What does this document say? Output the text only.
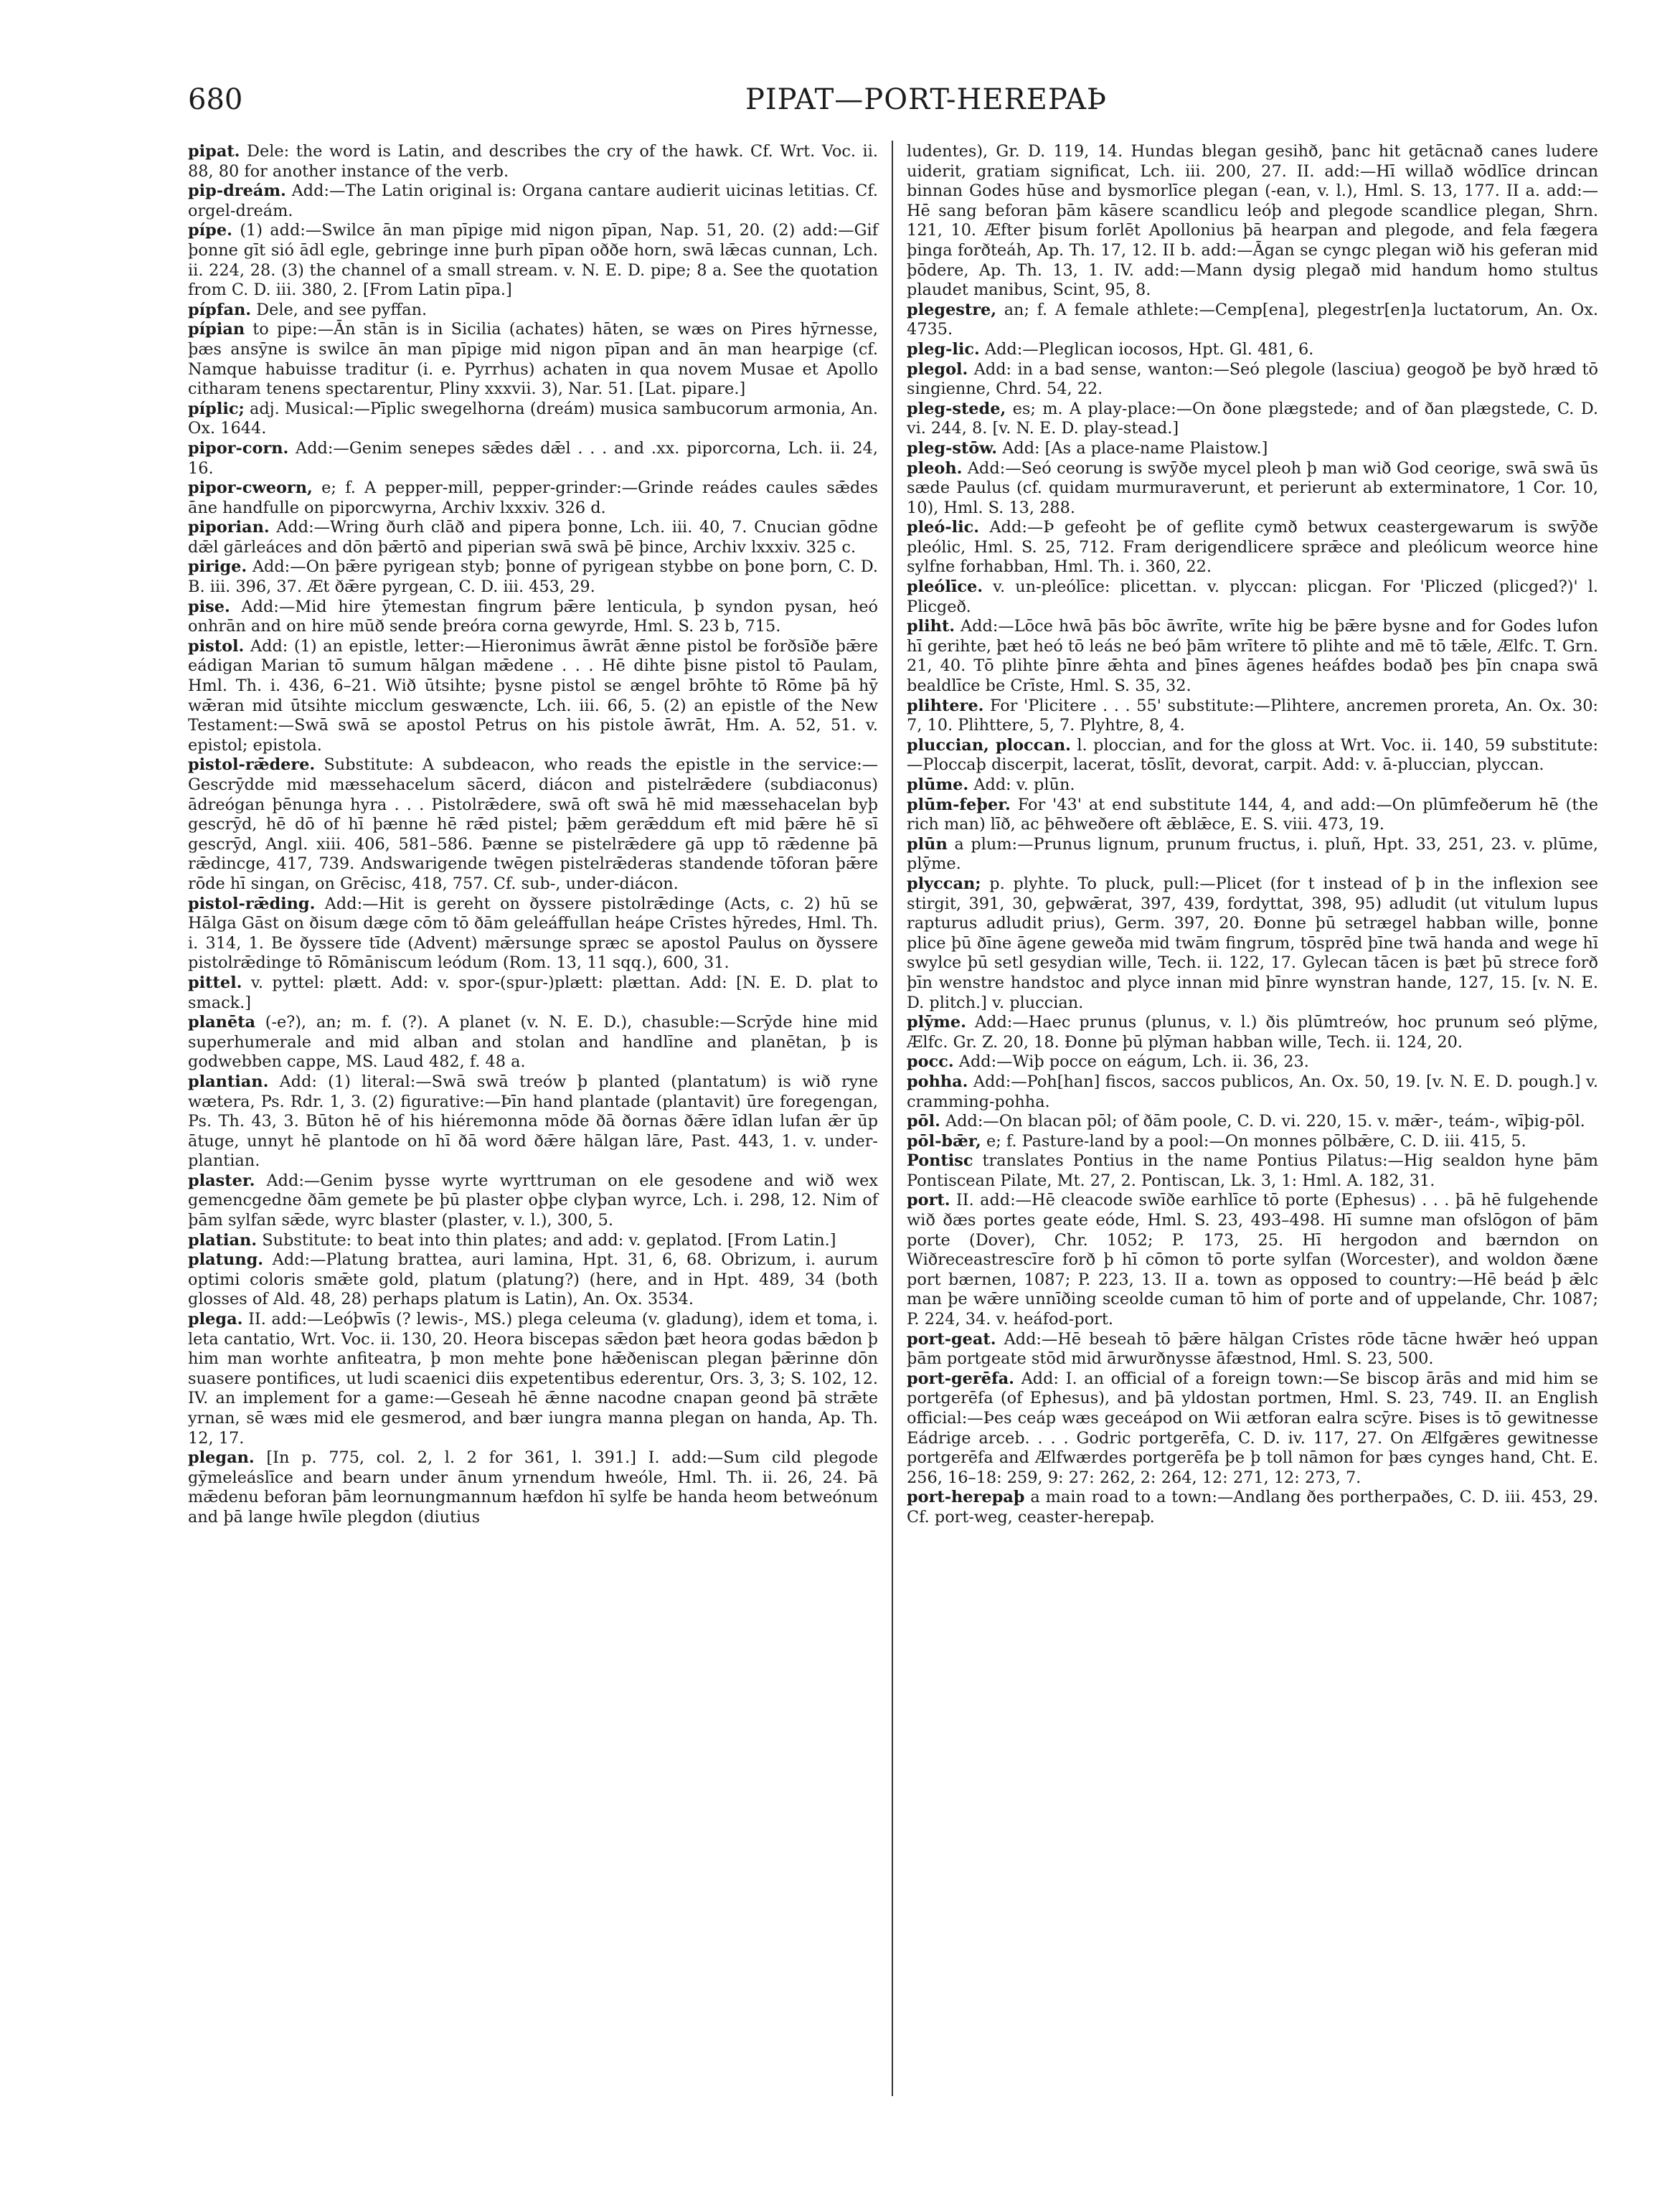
680	PIPAT—PORT-HEREPAÞ
pipat. Dele: the word is Latin, and describes the cry of the hawk. Cf. Wrt. Voc. ii. 88, 80 for another instance of the verb.
pip-dreám. Add:—The Latin original is: Organa cantare audierit uicinas letitias. Cf. orgel-dreám.
pípe. (1) add:—Swilce ān man pīpige mid nigon pīpan, Nap. 51, 20. (2) add:—Gif þonne gīt sió ādl egle, gebringe inne þurh pīpan oððe horn, swā lǣcas cunnan, Lch. ii. 224, 28. (3) the channel of a small stream. v. N. E. D. pipe; 8 a. See the quotation from C. D. iii. 380, 2. [From Latin pīpa.]
pípfan. Dele, and see pyffan.
pípian to pipe:—Ān stān is in Sicilia (achates) hāten, se wæs on Pires hȳrnesse, þæs ansȳne is swilce ān man pīpige mid nigon pīpan and ān man hearpige (cf. Namque habuisse traditur (i. e. Pyrrhus) achaten in qua novem Musae et Apollo citharam tenens spectarentur, Pliny xxxvii. 3), Nar. 51. [Lat. pipare.]
píplic; adj. Musical:—Pīplic swegelhorna (dreám) musica sambucorum armonia, An. Ox. 1644.
pipor-corn. Add:—Genim senepes sǣdes dǣl . . . and .xx. piporcorna, Lch. ii. 24, 16.
pipor-cweorn, e; f. A pepper-mill, pepper-grinder:—Grinde reádes caules sǣdes āne handfulle on piporcwyrna, Archiv lxxxiv. 326 d.
piporian. Add:—Wring ðurh clāð and pipera þonne, Lch. iii. 40, 7. Cnucian gōdne dǣl gārleáces and dōn þǣrtō and piperian swā swā þē þince, Archiv lxxxiv. 325 c.
pirige. Add:—On þǣre pyrigean styb; þonne of pyrigean stybbe on þone þorn, C. D. B. iii. 396, 37. Æt ðǣre pyrgean, C. D. iii. 453, 29.
pise. Add:—Mid hire ȳtemestan fingrum þǣre lenticula, þ syndon pysan, heó onhrān and on hire mūð sende þreóra corna gewyrde, Hml. S. 23 b, 715.
pistol. Add: (1) an epistle, letter:—Hieronimus āwrāt ǣnne pistol be forðsīðe þǣre eádigan Marian tō sumum hālgan mǣdene . . . Hē dihte þisne pistol tō Paulam, Hml. Th. i. 436, 6–21. Wið ūtsihte; þysne pistol se ængel brōhte tō Rōme þā hȳ wǣran mid ūtsihte micclum geswæncte, Lch. iii. 66, 5. (2) an epistle of the New Testament:—Swā swā se apostol Petrus on his pistole āwrāt, Hm. A. 52, 51. v. epistol; epistola.
pistol-rǣdere. Substitute: A subdeacon, who reads the epistle in the service:—Gescrȳdde mid mæssehacelum sācerd, diácon and pistelrǣdere (subdiaconus) ādreógan þēnunga hyra . . . Pistolrǣdere, swā oft swā hē mid mæssehacelan byþ gescrȳd, hē dō of hī þænne hē rǣd pistel; þǣm gerǣddum eft mid þǣre hē sī gescrȳd, Angl. xiii. 406, 581–586. Þænne se pistelrǣdere gā upp tō rǣdenne þā rǣdincge, 417, 739. Andswarigende twēgen pistelrǣderas standende tōforan þǣre rōde hī singan, on Grēcisc, 418, 757. Cf. sub-, under-diácon.
pistol-rǣding. Add:—Hit is gereht on ðyssere pistolrǣdinge (Acts, c. 2) hū se Hālga Gāst on ðisum dæge cōm tō ðām geleáffullan heápe Crīstes hȳredes, Hml. Th. i. 314, 1. Be ðyssere tīde (Advent) mǣrsunge spræc se apostol Paulus on ðyssere pistolrǣdinge tō Rōmāniscum leódum (Rom. 13, 11 sqq.), 600, 31.
pittel. v. pyttel: plætt. Add: v. spor-(spur-)plætt: plættan. Add: [N. E. D. plat to smack.]
planēta (-e?), an; m. f. (?). A planet (v. N. E. D.), chasuble:—Scrȳde hine mid superhumerale and mid alban and stolan and handlīne and planētan, þ is godwebben cappe, MS. Laud 482, f. 48 a.
plantian. Add: (1) literal:—Swā swā treów þ planted (plantatum) is wið ryne wætera, Ps. Rdr. 1, 3. (2) figurative:—Þīn hand plantade (plantavit) ūre foregengan, Ps. Th. 43, 3. Būton hē of his hiéremonna mōde ðā ðornas ðǣre īdlan lufan ǣr ūp ātuge, unnyt hē plantode on hī ðā word ðǣre hālgan lāre, Past. 443, 1. v. under-plantian.
plaster. Add:—Genim þysse wyrte wyrttruman on ele gesodene and wið wex gemencgedne ðām gemete þe þū plaster oþþe clyþan wyrce, Lch. i. 298, 12. Nim of þām sylfan sǣde, wyrc blaster (plaster, v. l.), 300, 5.
platian. Substitute: to beat into thin plates; and add: v. geplatod. [From Latin.]
platung. Add:—Platung brattea, auri lamina, Hpt. 31, 6, 68. Obrizum, i. aurum optimi coloris smǣte gold, platum (platung?) (here, and in Hpt. 489, 34 (both glosses of Ald. 48, 28) perhaps platum is Latin), An. Ox. 3534.
plega. II. add:—Leóþwīs (? lewis-, MS.) plega celeuma (v. gladung), idem et toma, i. leta cantatio, Wrt. Voc. ii. 130, 20. Heora biscepas sǣdon þæt heora godas bǣdon þ him man worhte anfiteatra, þ mon mehte þone hǣðeniscan plegan þǣrinne dōn suasere pontifices, ut ludi scaenici diis expetentibus ederentur, Ors. 3, 3; S. 102, 12. IV. an implement for a game:—Geseah hē ǣnne nacodne cnapan geond þā strǣte yrnan, sē wæs mid ele gesmerod, and bær iungra manna plegan on handa, Ap. Th. 12, 17.
plegan. [In p. 775, col. 2, l. 2 for 361, l. 391.] I. add:—Sum cild plegode gȳmeleáslīce and bearn under ānum yrnendum hweóle, Hml. Th. ii. 26, 24. Þā mǣdenu beforan þām leornungmannum hæfdon hī sylfe be handa heom betweónum and þā lange hwīle plegdon (diutius
ludentes), Gr. D. 119, 14. Hundas blegan gesihð, þanc hit getācnað canes ludere uiderit, gratiam significat, Lch. iii. 200, 27. II. add:—Hī willað wōdlīce drincan binnan Godes hūse and bysmorlīce plegan (-ean, v. l.), Hml. S. 13, 177. II a. add:—Hē sang beforan þām kāsere scandlicu leóþ and plegode scandlice plegan, Shrn. 121, 10. Æfter þisum forlēt Apollonius þā hearpan and plegode, and fela fægera þinga forðteáh, Ap. Th. 17, 12. II b. add:—Āgan se cyngc plegan wið his geferan mid þōdere, Ap. Th. 13, 1. IV. add:—Mann dysig plegað mid handum homo stultus plaudet manibus, Scint, 95, 8.
plegestre, an; f. A female athlete:—Cemp[ena], plegestr[en]a luctatorum, An. Ox. 4735.
pleg-lic. Add:—Pleglican iocosos, Hpt. Gl. 481, 6.
plegol. Add: in a bad sense, wanton:—Seó plegole (lasciua) geogoð þe byð hræd tō singienne, Chrd. 54, 22.
pleg-stede, es; m. A play-place:—On ðone plægstede; and of ðan plægstede, C. D. vi. 244, 8. [v. N. E. D. play-stead.]
pleg-stōw. Add: [As a place-name Plaistow.]
pleoh. Add:—Seó ceorung is swȳðe mycel pleoh þ man wið God ceorige, swā swā ūs sæde Paulus (cf. quidam murmuraverunt, et perierunt ab exterminatore, 1 Cor. 10, 10), Hml. S. 13, 288.
pleó-lic. Add:—Þ gefeoht þe of geflite cymð betwux ceastergewarum is swȳðe pleólic, Hml. S. 25, 712. Fram derigendlicere sprǣce and pleólicum weorce hine sylfne forhabban, Hml. Th. i. 360, 22.
pleólīce. v. un-pleólīce: plicettan. v. plyccan: plicgan. For 'Pliczed (plicged?)' l. Plicgeð.
pliht. Add:—Lōce hwā þās bōc āwrīte, wrīte hig be þǣre bysne and for Godes lufon hī gerihte, þæt heó tō leás ne beó þām wrītere tō plihte and mē tō tǣle, Ælfc. T. Grn. 21, 40. Tō plihte þīnre ǣhta and þīnes āgenes heáfdes bodað þes þīn cnapa swā bealdlīce be Crīste, Hml. S. 35, 32.
plihtere. For 'Plicitere . . . 55' substitute:—Plihtere, ancremen proreta, An. Ox. 30: 7, 10. Plihttere, 5, 7. Plyhtre, 8, 4.
pluccian, ploccan. l. ploccian, and for the gloss at Wrt. Voc. ii. 140, 59 substitute:—Ploccaþ discerpit, lacerat, tōslīt, devorat, carpit. Add: v. ā-pluccian, plyccan.
plūme. Add: v. plūn.
plūm-feþer. For '43' at end substitute 144, 4, and add:—On plūmfeðerum hē (the rich man) līð, ac þēhweðere oft ǣblǣce, E. S. viii. 473, 19.
plūn a plum:—Prunus lignum, prunum fructus, i. pluñ, Hpt. 33, 251, 23. v. plūme, plȳme.
plyccan; p. plyhte. To pluck, pull:—Plicet (for t instead of þ in the inflexion see stirgit, 391, 30, geþwǣrat, 397, 439, fordyttat, 398, 95) adludit (ut vitulum lupus rapturus adludit prius), Germ. 397, 20. Ðonne þū setrægel habban wille, þonne plice þū ðīne āgene geweða mid twām fingrum, tōsprēd þīne twā handa and wege hī swylce þū setl gesydian wille, Tech. ii. 122, 17. Gylecan tācen is þæt þū strece forð þīn wenstre handstoc and plyce innan mid þīnre wynstran hande, 127, 15. [v. N. E. D. plitch.] v. pluccian.
plȳme. Add:—Haec prunus (plunus, v. l.) ðis plūmtreów, hoc prunum seó plȳme, Ælfc. Gr. Z. 20, 18. Ðonne þū plȳman habban wille, Tech. ii. 124, 20.
pocc. Add:—Wiþ pocce on eágum, Lch. ii. 36, 23.
pohha. Add:—Poh[han] fiscos, saccos publicos, An. Ox. 50, 19. [v. N. E. D. pough.] v. cramming-pohha.
pōl. Add:—On blacan pōl; of ðām poole, C. D. vi. 220, 15. v. mǣr-, teám-, wīþig-pōl.
pōl-bǣr, e; f. Pasture-land by a pool:—On monnes pōlbǣre, C. D. iii. 415, 5.
Pontisc translates Pontius in the name Pontius Pilatus:—Hig sealdon hyne þām Pontiscean Pilate, Mt. 27, 2. Pontiscan, Lk. 3, 1: Hml. A. 182, 31.
port. II. add:—Hē cleacode swīðe earhlīce tō porte (Ephesus) . . . þā hē fulgehende wið ðæs portes geate eóde, Hml. S. 23, 493–498. Hī sumne man ofslōgon of þām porte (Dover), Chr. 1052; P. 173, 25. Hī hergodon and bærndon on Wiðreceastrescīre forð þ hī cōmon tō porte sylfan (Worcester), and woldon ðæne port bærnen, 1087; P. 223, 13. II a. town as opposed to country:—Hē beád þ ǣlc man þe wǣre unnīðing sceolde cuman tō him of porte and of uppelande, Chr. 1087; P. 224, 34. v. heáfod-port.
port-geat. Add:—Hē beseah tō þǣre hālgan Crīstes rōde tācne hwǣr heó uppan þām portgeate stōd mid ārwurðnysse āfæstnod, Hml. S. 23, 500.
port-gerēfa. Add: I. an official of a foreign town:—Se biscop ārās and mid him se portgerēfa (of Ephesus), and þā yldostan portmen, Hml. S. 23, 749. II. an English official:—Þes ceáp wæs geceápod on Wii ætforan ealra scȳre. Þises is tō gewitnesse Eádrige arceb. . . . Godric portgerēfa, C. D. iv. 117, 27. On Ælfgǣres gewitnesse portgerēfa and Ælfwærdes portgerēfa þe þ toll nāmon for þæs cynges hand, Cht. E. 256, 16–18: 259, 9: 27: 262, 2: 264, 12: 271, 12: 273, 7.
port-herepaþ a main road to a town:—Andlang ðes portherpaðes, C. D. iii. 453, 29. Cf. port-weg, ceaster-herepaþ.
